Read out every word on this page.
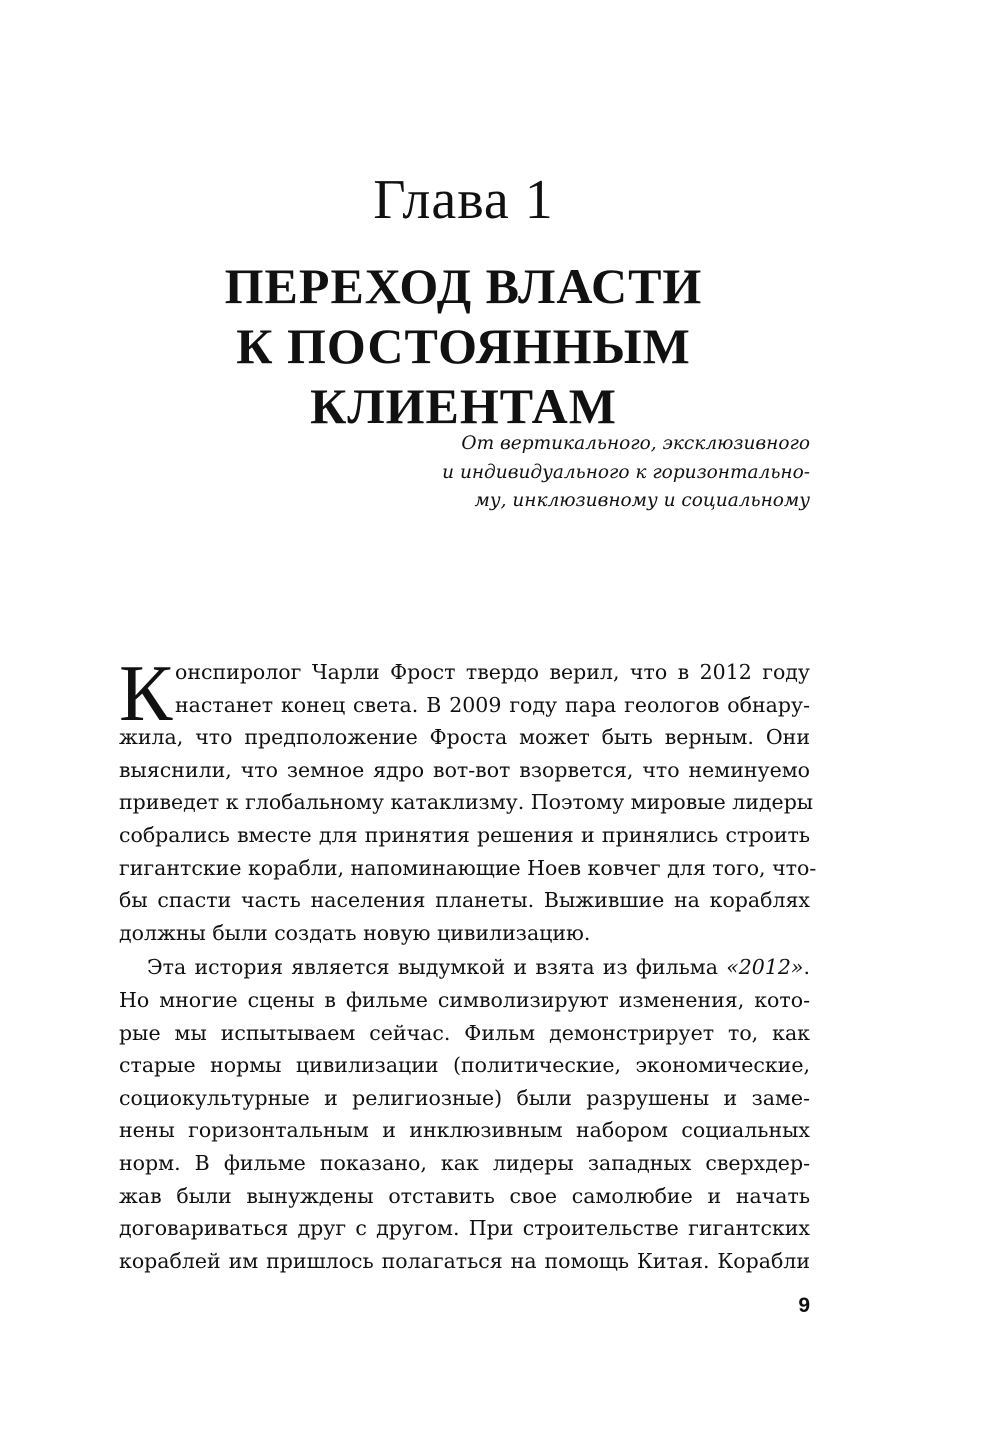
Глава 1
ПЕРЕХОД ВЛАСТИ
К ПОСТОЯННЫМ
КЛИЕНТАМ
От вертикального, эксклюзивного
и индивидуального к горизонтально-
му, инклюзивному и социальному
К онспиролог Чарли Фрост твердо верил, что в 2012 году
настанет конец света. В 2009 году пара геологов обнару-
жила, что предположение Фроста может быть верным. Они
выяснили, что земное ядро вот-вот взорвется, что неминуемо
приведет к глобальному катаклизму. Поэтому мировые лидеры
собрались вместе для принятия решения и принялись строить
гигантские корабли, напоминающие Ноев ковчег для того, что-
бы спасти часть населения планеты. Выжившие на кораблях
должны были создать новую цивилизацию.
Эта история является выдумкой и взята из фильма «2012».
Но многие сцены в фильме символизируют изменения, кото-
рые мы испытываем сейчас. Фильм демонстрирует то, как
старые нормы цивилизации (политические, экономические,
социокультурные и религиозные) были разрушены и заме-
нены горизонтальным и инклюзивным набором социальных
норм. В фильме показано, как лидеры западных сверхдер-
жав были вынуждены отставить свое самолюбие и начать
договариваться друг с другом. При строительстве гигантских
кораблей им пришлось полагаться на помощь Китая. Корабли
9
